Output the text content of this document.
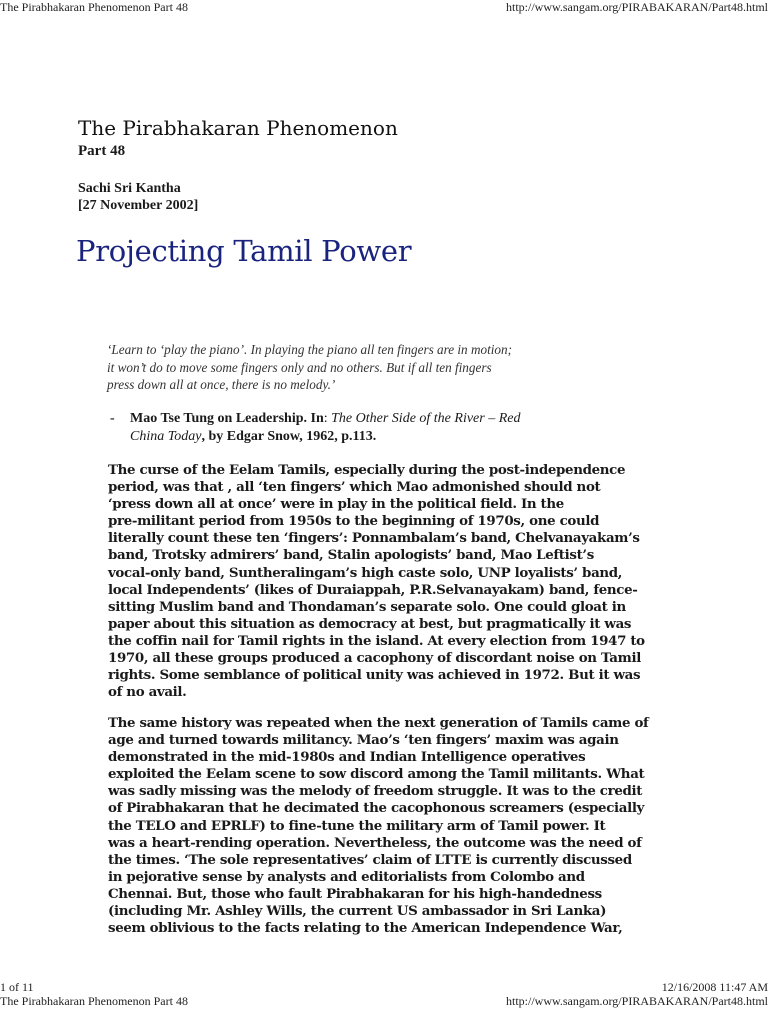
The Pirabhakaran Phenomenon Part 48	http://www.sangam.org/PIRABAKARAN/Part48.html
The Pirabhakaran Phenomenon
Part 48
Sachi Sri Kantha
[27 November 2002]
Projecting Tamil Power
‘Learn to ‘play the piano’. In playing the piano all ten fingers are in motion;
it won’t do to move some fingers only and no others. But if all ten fingers
press down all at once, there is no melody.’
- Mao Tse Tung on Leadership. In: The Other Side of the River – Red
China Today, by Edgar Snow, 1962, p.113.
The curse of the Eelam Tamils, especially during the post-independence
period, was that , all ‘ten fingers’ which Mao admonished should not
‘press down all at once’ were in play in the political field. In the
pre-militant period from 1950s to the beginning of 1970s, one could
literally count these ten ‘fingers’: Ponnambalam’s band, Chelvanayakam’s
band, Trotsky admirers’ band, Stalin apologists’ band, Mao Leftist’s
vocal-only band, Suntheralingam’s high caste solo, UNP loyalists’ band,
local Independents’ (likes of Duraiappah, P.R.Selvanayakam) band, fence-
sitting Muslim band and Thondaman’s separate solo. One could gloat in
paper about this situation as democracy at best, but pragmatically it was
the coffin nail for Tamil rights in the island. At every election from 1947 to
1970, all these groups produced a cacophony of discordant noise on Tamil
rights. Some semblance of political unity was achieved in 1972. But it was
of no avail.
The same history was repeated when the next generation of Tamils came of
age and turned towards militancy. Mao’s ‘ten fingers’ maxim was again
demonstrated in the mid-1980s and Indian Intelligence operatives
exploited the Eelam scene to sow discord among the Tamil militants. What
was sadly missing was the melody of freedom struggle. It was to the credit
of Pirabhakaran that he decimated the cacophonous screamers (especially
the TELO and EPRLF) to fine-tune the military arm of Tamil power. It
was a heart-rending operation. Nevertheless, the outcome was the need of
the times. ‘The sole representatives’ claim of LTTE is currently discussed
in pejorative sense by analysts and editorialists from Colombo and
Chennai. But, those who fault Pirabhakaran for his high-handedness
(including Mr. Ashley Wills, the current US ambassador in Sri Lanka)
seem oblivious to the facts relating to the American Independence War,
1 of 11	12/16/2008 11:47 AM
The Pirabhakaran Phenomenon Part 48	http://www.sangam.org/PIRABAKARAN/Part48.html
